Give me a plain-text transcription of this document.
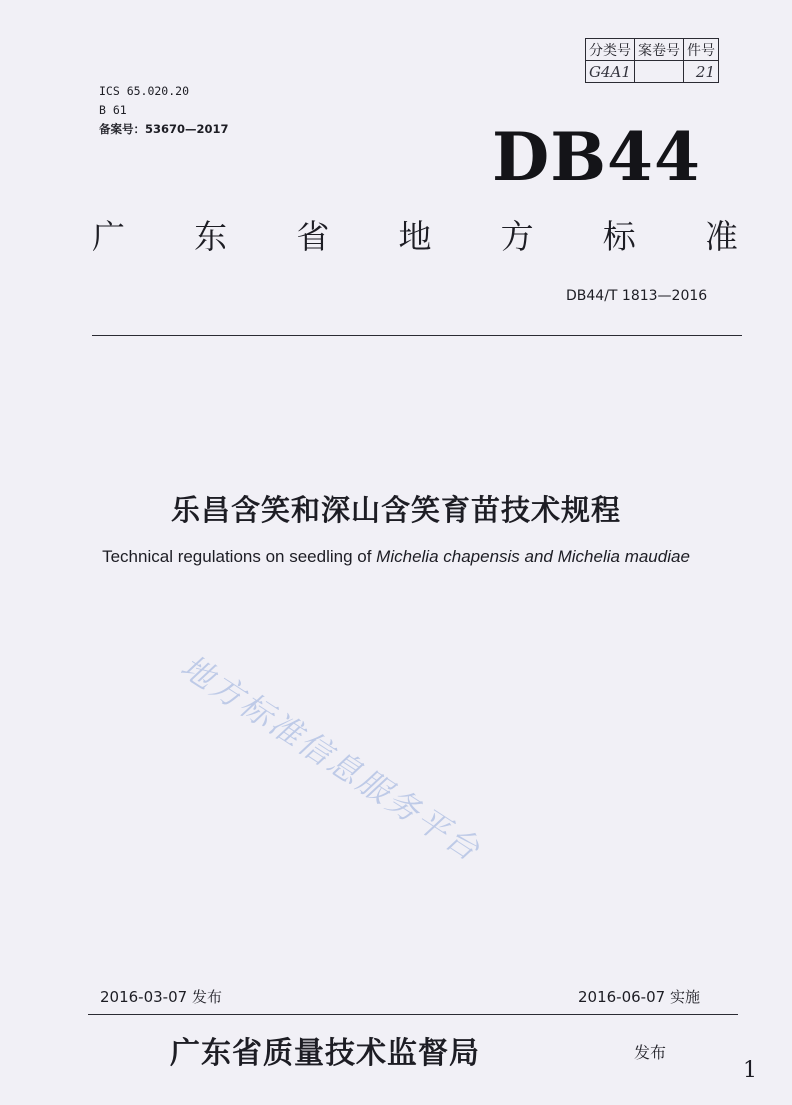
分类号	案卷号	件号
G4A1		21
ICS 65.020.20
B 61
备案号：53670—2017	DB44
广 东 省 地 方 标 准
DB44/T 1813—2016
乐昌含笑和深山含笑育苗技术规程
Technical regulations on seedling of Michelia chapensis and Michelia maudiae
地方标准信息服务平台
2016-03-07 发布	2016-06-07 实施
广东省质量技术监督局	发布
1
